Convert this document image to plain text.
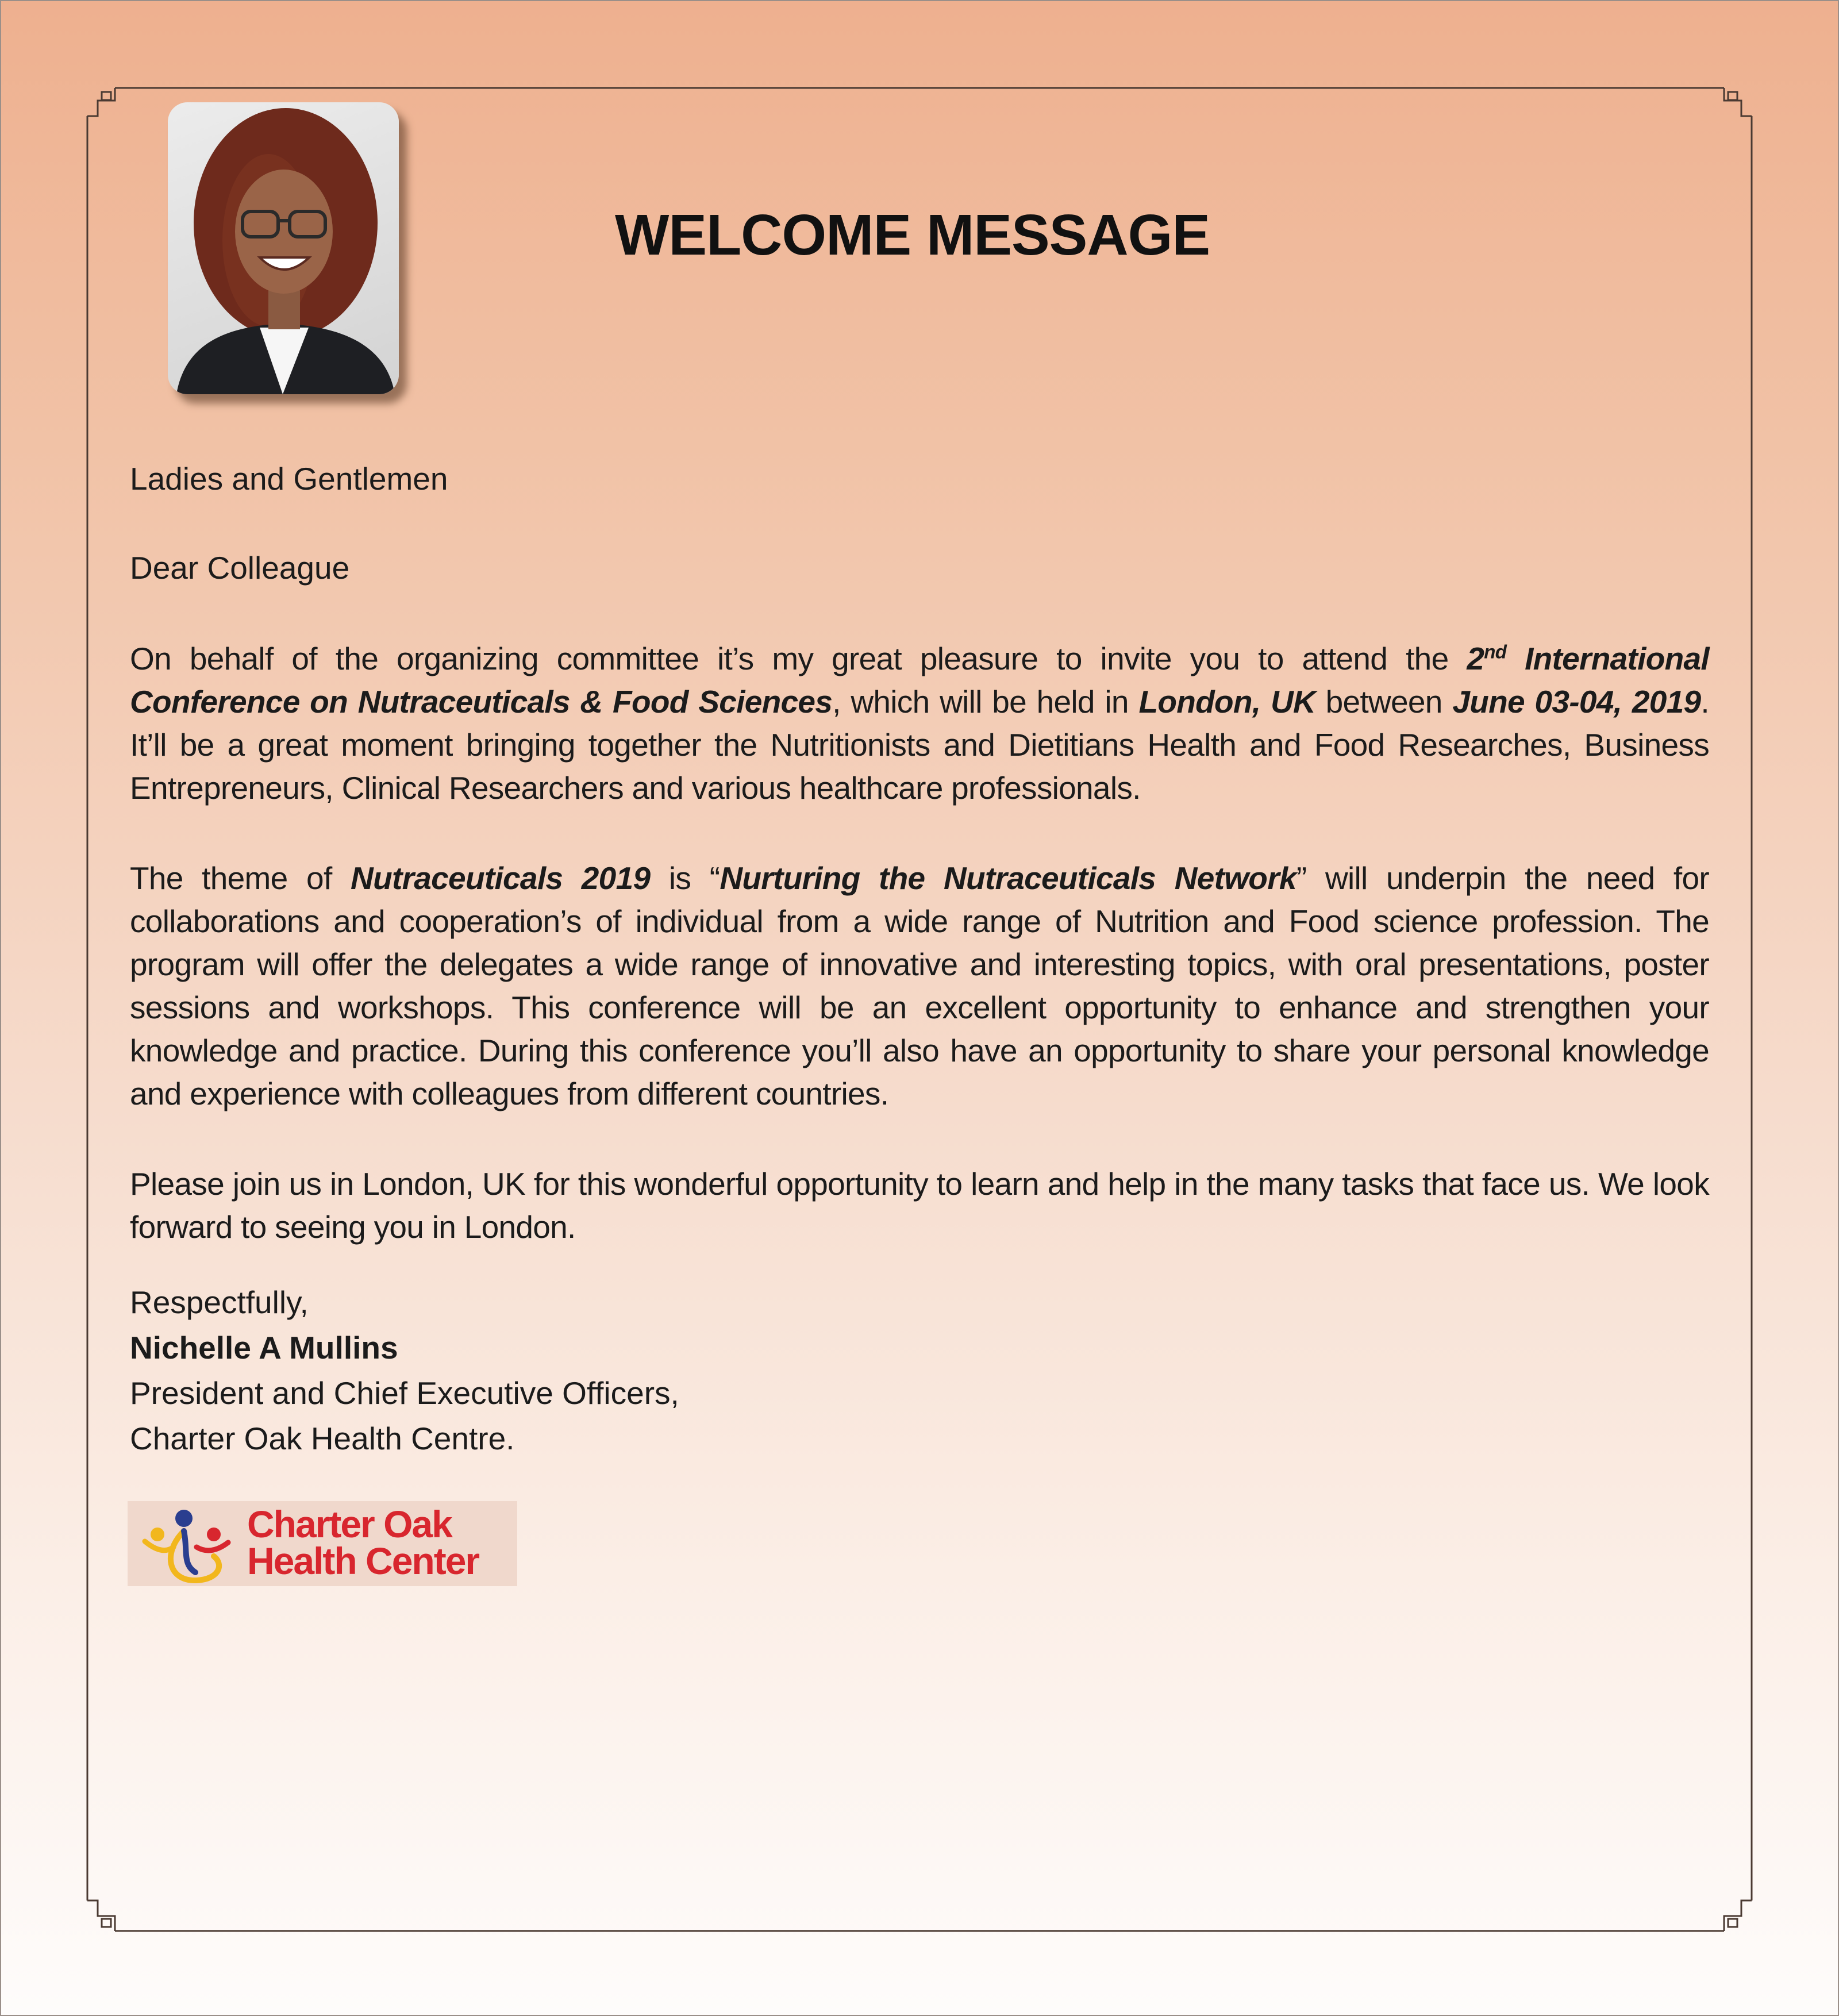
WELCOME MESSAGE

Ladies and Gentlemen

Dear Colleague

On behalf of the organizing committee it’s my great pleasure to invite you to attend the 2nd International Conference on Nutraceuticals & Food Sciences, which will be held in London, UK between June 03-04, 2019. It’ll be a great moment bringing together the Nutritionists and Dietitians Health and Food Researches, Business Entrepreneurs, Clinical Researchers and various healthcare professionals.

The theme of Nutraceuticals 2019 is “Nurturing the Nutraceuticals Network” will underpin the need for collaborations and cooperation’s of individual from a wide range of Nutrition and Food science profession. The program will offer the delegates a wide range of innovative and interesting topics, with oral presentations, poster sessions and workshops. This conference will be an excellent opportunity to enhance and strengthen your knowledge and practice. During this conference you’ll also have an opportunity to share your personal knowledge and experience with colleagues from different countries.

Please join us in London, UK for this wonderful opportunity to learn and help in the many tasks that face us. We look forward to seeing you in London.

Respectfully,

Nichelle A Mullins

President and Chief Executive Officers,

Charter Oak Health Centre.

Charter Oak
Health Center
